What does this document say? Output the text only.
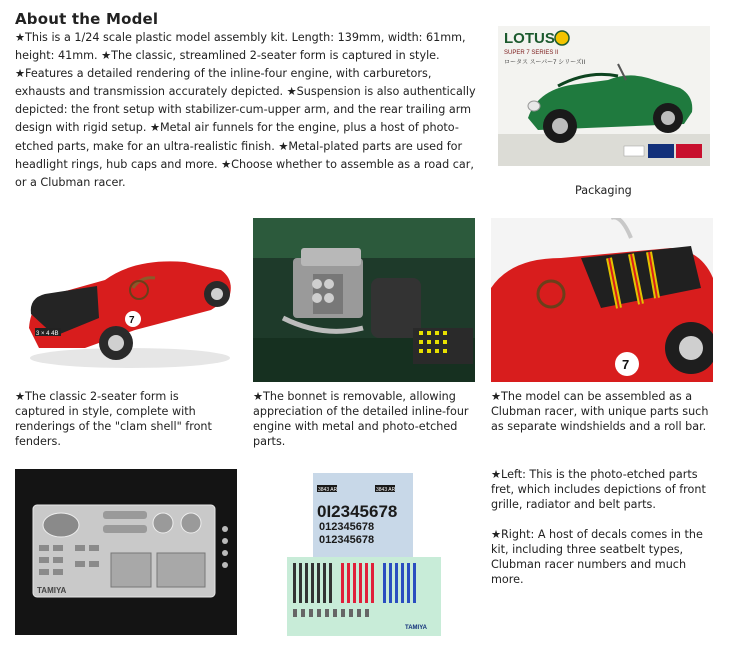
About the Model
★This is a 1/24 scale plastic model assembly kit. Length: 139mm, width: 61mm, height: 41mm. ★The classic, streamlined 2-seater form is captured in style. ★Features a detailed rendering of the inline-four engine, with carburetors, exhausts and transmission accurately depicted. ★Suspension is also authentically depicted: the front setup with stabilizer-cum-upper arm, and the rear trailing arm design with rigid setup. ★Metal air funnels for the engine, plus a host of photo-etched parts, make for an ultra-realistic finish. ★Metal-plated parts are used for headlight rings, hub caps and more. ★Choose whether to assemble as a road car, or a Clubman racer.
LOTUS
SUPER 7 SERIES II
ロータス スーパー7 シリーズII
Packaging
7
3 × 4 4B
★The classic 2-seater form is captured in style, complete with renderings of the "clam shell" front fenders.
★The bonnet is removable, allowing appreciation of the detailed inline-four engine with metal and photo-etched parts.
7
★The model can be assembled as a Clubman racer, with unique parts such as separate windshields and a roll bar.
TAMIYA
3843 AR	3843 AR
0I2345678
012345678
012345678
TAMIYA
★Left: This is the photo-etched parts fret, which includes depictions of front grille, radiator and belt parts.
★Right: A host of decals comes in the kit, including three seatbelt types, Clubman racer numbers and much more.
